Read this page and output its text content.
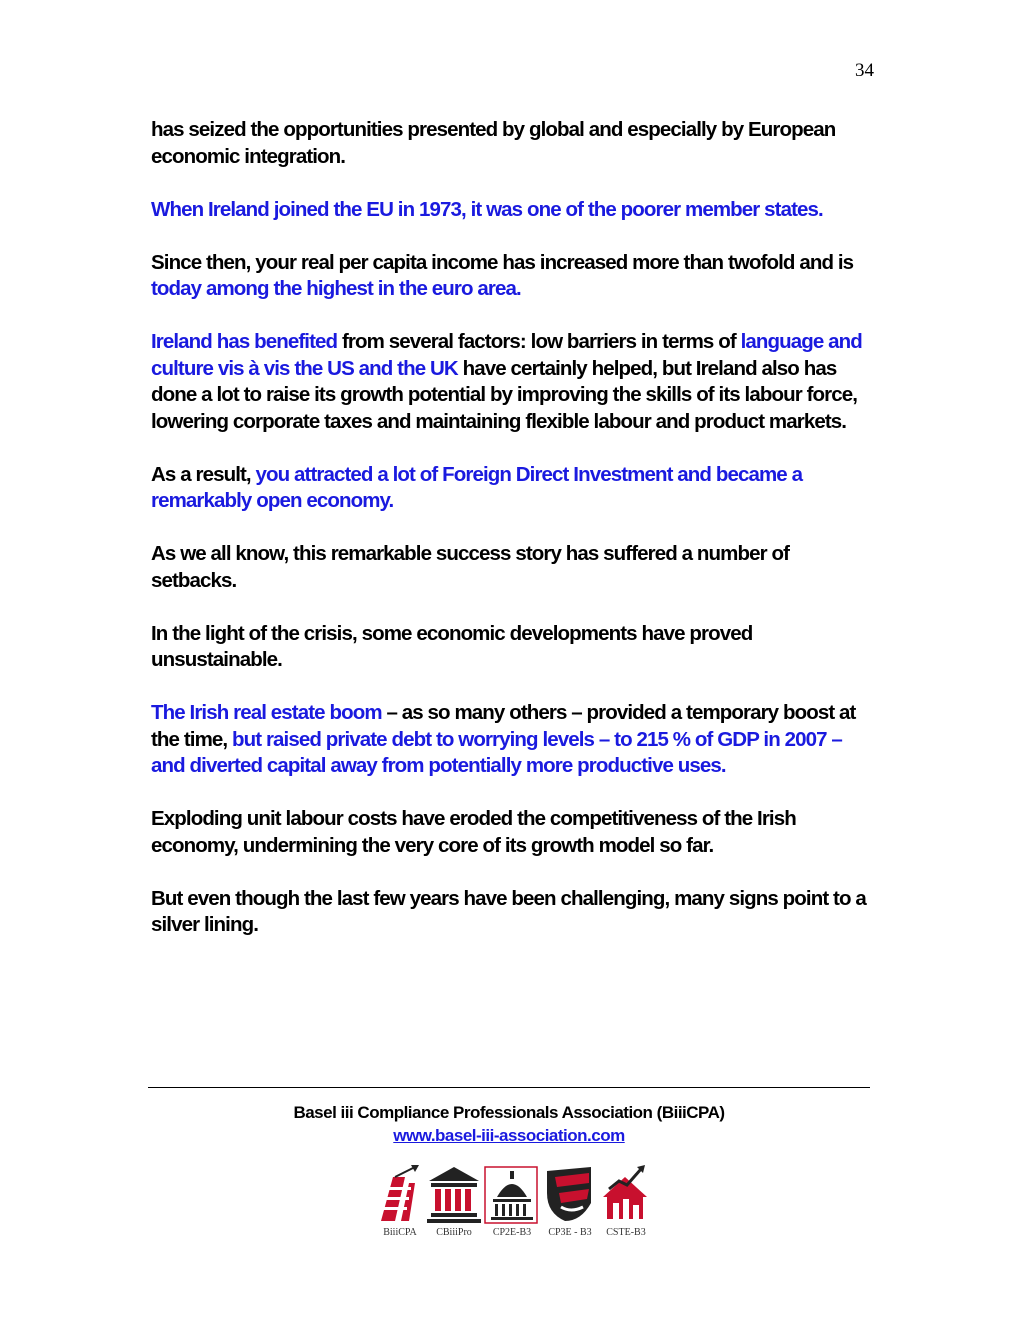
34

has seized the opportunities presented by global and especially by European economic integration.

When Ireland joined the EU in 1973, it was one of the poorer member states.

Since then, your real per capita income has increased more than twofold and is today among the highest in the euro area.

Ireland has benefited from several factors: low barriers in terms of language and culture vis à vis the US and the UK have certainly helped, but Ireland also has done a lot to raise its growth potential by improving the skills of its labour force, lowering corporate taxes and maintaining flexible labour and product markets.

As a result, you attracted a lot of Foreign Direct Investment and became a remarkably open economy.

As we all know, this remarkable success story has suffered a number of setbacks.

In the light of the crisis, some economic developments have proved unsustainable.

The Irish real estate boom – as so many others – provided a temporary boost at the time, but raised private debt to worrying levels – to 215 % of GDP in 2007 – and diverted capital away from potentially more productive uses.

Exploding unit labour costs have eroded the competitiveness of the Irish economy, undermining the very core of its growth model so far.

But even though the last few years have been challenging, many signs point to a silver lining.

Basel iii Compliance Professionals Association (BiiiCPA)
www.basel-iii-association.com
BiiiCPA	CBiiiPro	CP2E-B3	CP3E - B3	CSTE-B3
